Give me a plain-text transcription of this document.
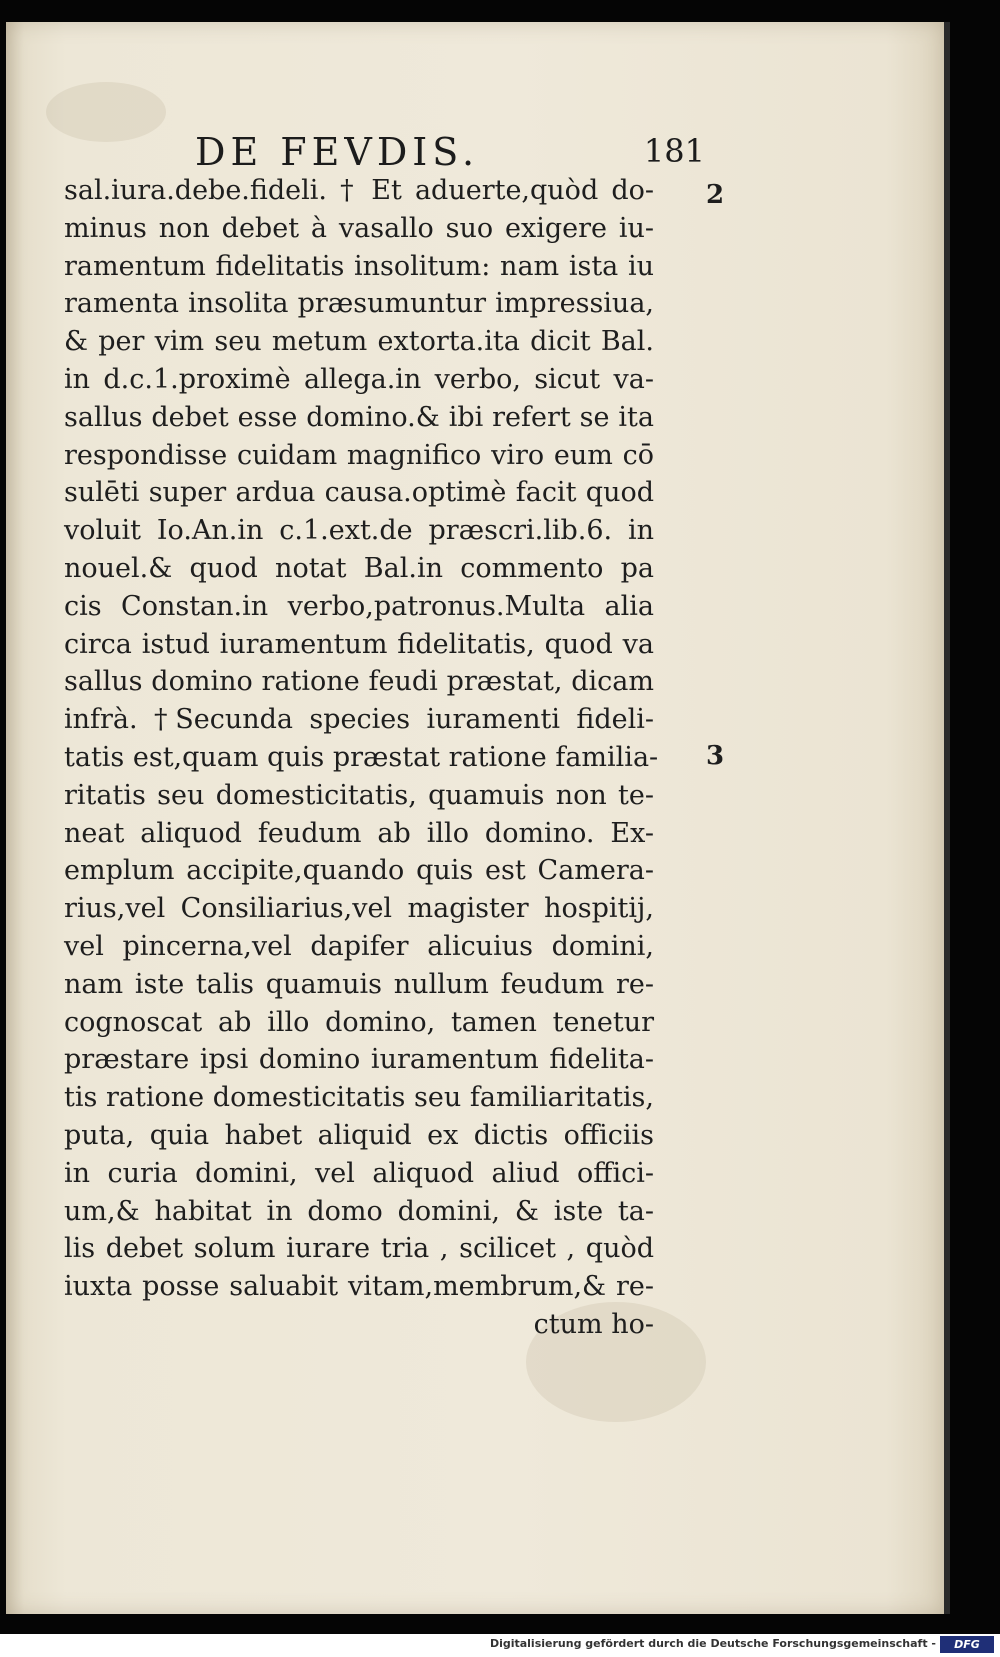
DE FEVDIS.	181
sal.iura.debe.fideli. † Et aduerte,quòd do-
minus non debet à vasallo suo exigere iu-
ramentum fidelitatis insolitum: nam ista iu
ramenta insolita præsumuntur impressiua,
& per vim seu metum extorta.ita dicit Bal.
in d.c.1.proximè allega.in verbo, sicut va-
sallus debet esse domino.& ibi refert se ita
respondisse cuidam magnifico viro eum cō
sulēti super ardua causa.optimè facit quod
voluit Io.An.in c.1.ext.de præscri.lib.6. in
nouel.& quod notat Bal.in commento pa
cis Constan.in verbo,patronus.Multa alia
circa istud iuramentum fidelitatis, quod va
sallus domino ratione feudi præstat, dicam
infrà. †Secunda species iuramenti fideli-
tatis est,quam quis præstat ratione familia-
ritatis seu domesticitatis, quamuis non te-
neat aliquod feudum ab illo domino. Ex-
emplum accipite,quando quis est Camera-
rius,vel Consiliarius,vel magister hospitij,
vel pincerna,vel dapifer alicuius domini,
nam iste talis quamuis nullum feudum re-
cognoscat ab illo domino, tamen tenetur
præstare ipsi domino iuramentum fidelita-
tis ratione domesticitatis seu familiaritatis,
puta, quia habet aliquid ex dictis officiis
in curia domini, vel aliquod aliud offici-
um,& habitat in domo domini, & iste ta-
lis debet solum iurare tria , scilicet , quòd
iuxta posse saluabit vitam,membrum,& re-
ctum ho-
2
3
Digitalisierung gefördert durch die Deutsche Forschungsgemeinschaft -	DFG
